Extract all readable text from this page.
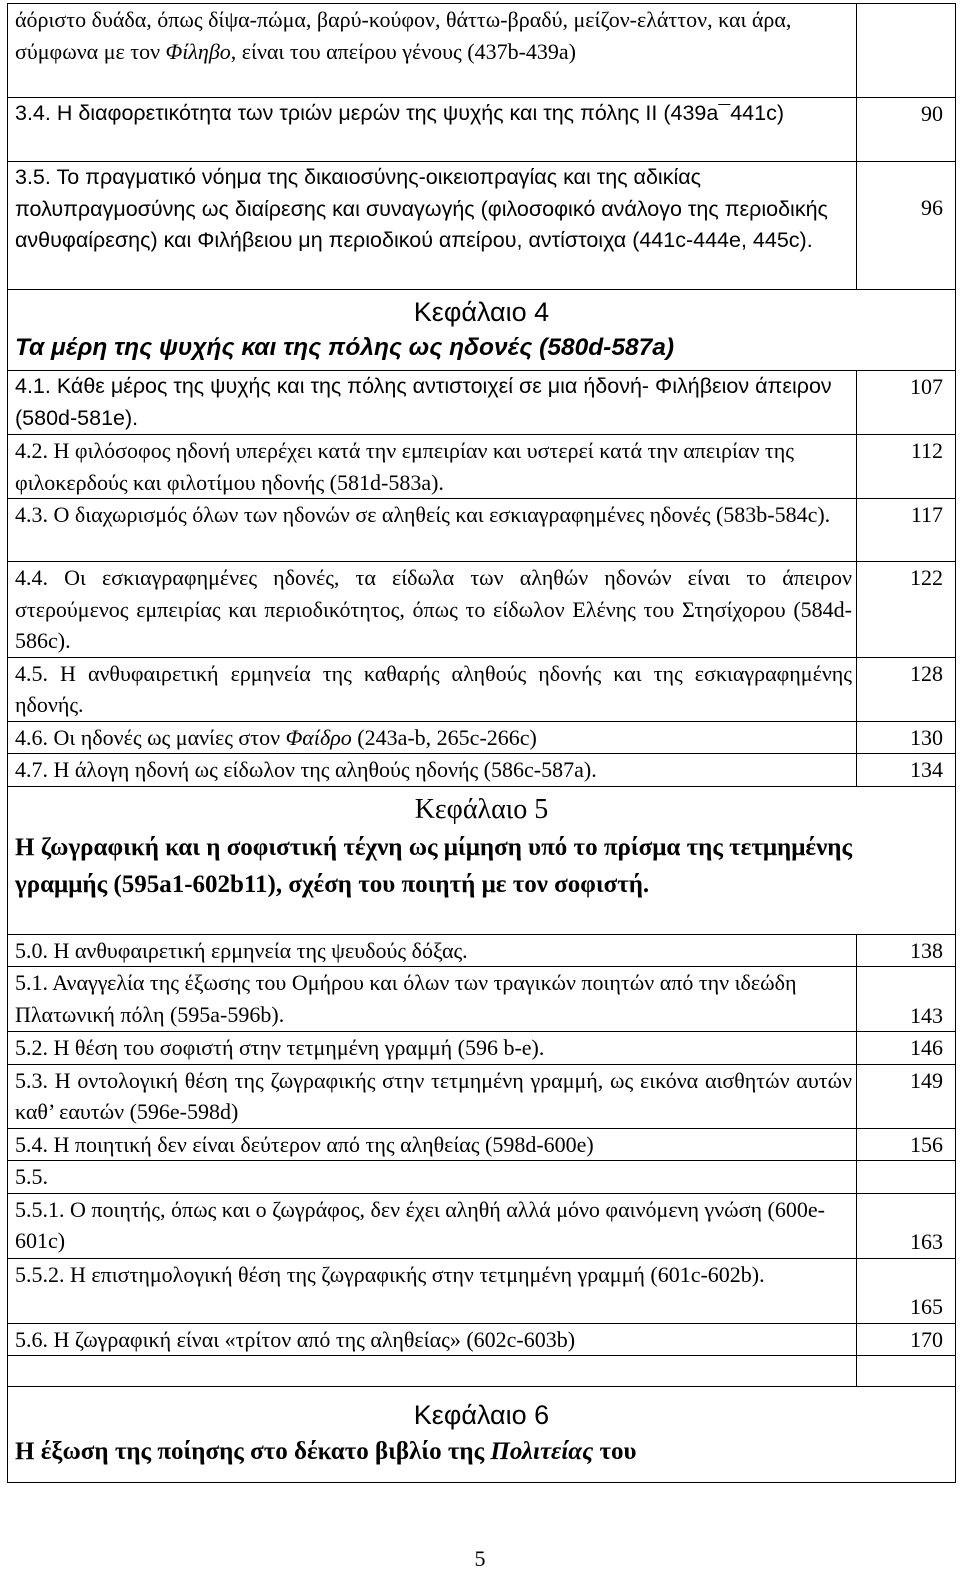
άόριστο δυάδα, όπως δίψα-πώμα, βαρύ-κούφον, θάττω-βραδύ, μείζον-ελάττον, και άρα, σύμφωνα με τον Φίληβο, είναι του απείρου γένους (437b-439a)	
3.4. Η διαφορετικότητα των τριών μερών της ψυχής και της πόλης ΙΙ (439a¯441c)	90
3.5. Το πραγματικό νόημα της δικαιοσύνης-οικειοπραγίας και της αδικίας πολυπραγμοσύνης ως διαίρεσης και συναγωγής (φιλοσοφικό ανάλογο της περιοδικής ανθυφαίρεσης) και Φιλήβειου μη περιοδικού απείρου, αντίστοιχα (441c-444e, 445c).	96

Κεφάλαιο 4
Τα μέρη της ψυχής και της πόλης ως ηδονές (580d-587a)	

4.1. Κάθε μέρος της ψυχής και της πόλης αντιστοιχεί σε μια ήδονή- Φιλήβειον άπειρον (580d-581e).	107
4.2. Η φιλόσοφος ηδονή υπερέχει κατά την εμπειρίαν και υστερεί κατά την απειρίαν της φιλοκερδούς και φιλοτίμου ηδονής (581d-583a).	112
4.3. Ο διαχωρισμός όλων των ηδονών σε αληθείς και εσκιαγραφημένες ηδονές (583b-584c).	117
4.4. Οι εσκιαγραφημένες ηδονές, τα είδωλα των αληθών ηδονών είναι το άπειρον στερούμενος εμπειρίας και περιοδικότητος, όπως το είδωλον Ελένης του Στησίχορου (584d-586c).	122
4.5. Η ανθυφαιρετική ερμηνεία της καθαρής αληθούς ηδονής και της εσκιαγραφημένης ηδονής.	128
4.6. Οι ηδονές ως μανίες στον Φαίδρο (243a-b, 265c-266c)	130
4.7. Η άλογη ηδονή ως είδωλον της αληθούς ηδονής (586c-587a).	134

Κεφάλαιο 5
Η ζωγραφική και η σοφιστική τέχνη ως μίμηση υπό το πρίσμα της τετμημένης γραμμής (595a1-602b11), σχέση του ποιητή με τον σοφιστή.	

5.0. Η ανθυφαιρετική ερμηνεία της ψευδούς δόξας.	138
5.1. Αναγγελία της έξωσης του Ομήρου και όλων των τραγικών ποιητών από την ιδεώδη Πλατωνική πόλη (595a-596b).	143
5.2. Η θέση του σοφιστή στην τετμημένη γραμμή (596 b-e).	146
5.3. Η οντολογική θέση της ζωγραφικής στην τετμημένη γραμμή, ως εικόνα αισθητών αυτών καθ’ εαυτών (596e-598d)	149
5.4. Η ποιητική δεν είναι δεύτερον από της αληθείας (598d-600e)	156
5.5.	
5.5.1. Ο ποιητής, όπως και ο ζωγράφος, δεν έχει αληθή αλλά μόνο φαινόμενη γνώση (600e-601c)	163
5.5.2. Η επιστημολογική θέση της ζωγραφικής στην τετμημένη γραμμή (601c-602b).	165
5.6. Η ζωγραφική είναι «τρίτον από της αληθείας» (602c-603b)	170

Κεφάλαιο 6
Η έξωση της ποίησης στο δέκατο βιβλίο της Πολιτείας του	
5
